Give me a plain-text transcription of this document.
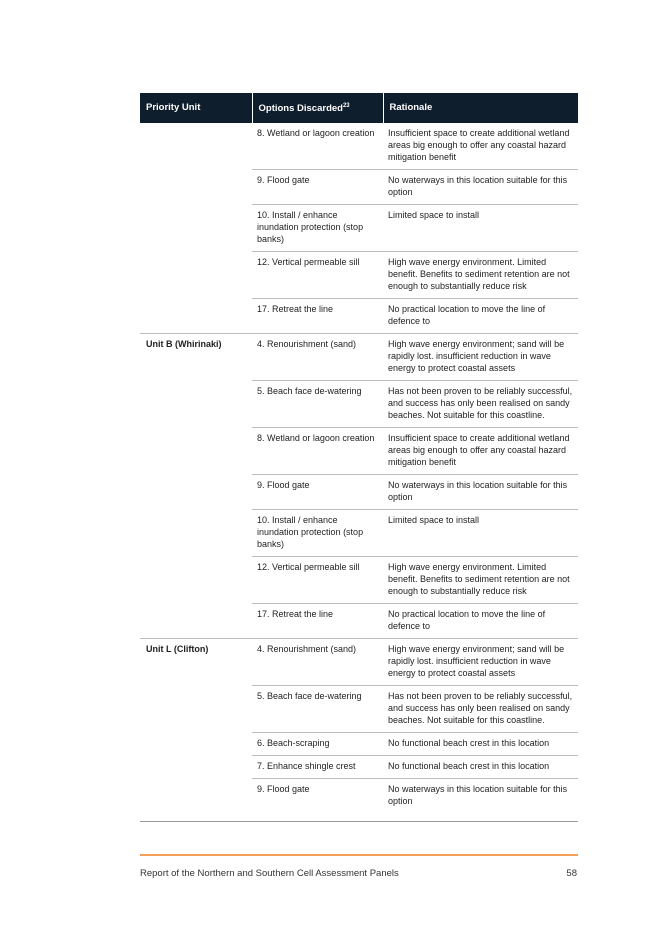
Priority Unit	Options Discarded$^{23}$	Rationale
	8. Wetland or lagoon creation	Insufficient space to create additional wetland areas big enough to offer any coastal hazard mitigation benefit
	9. Flood gate	No waterways in this location suitable for this option
	10. Install / enhance inundation protection (stop banks)	Limited space to install
	12. Vertical permeable sill	High wave energy environment. Limited benefit. Benefits to sediment retention are not enough to substantially reduce risk
	17. Retreat the line	No practical location to move the line of defence to
Unit B (Whirinaki)	4. Renourishment (sand)	High wave energy environment; sand will be rapidly lost. insufficient reduction in wave energy to protect coastal assets
	5. Beach face de-watering	Has not been proven to be reliably successful, and success has only been realised on sandy beaches. Not suitable for this coastline.
	8. Wetland or lagoon creation	Insufficient space to create additional wetland areas big enough to offer any coastal hazard mitigation benefit
	9. Flood gate	No waterways in this location suitable for this option
	10. Install / enhance inundation protection (stop banks)	Limited space to install
	12. Vertical permeable sill	High wave energy environment. Limited benefit. Benefits to sediment retention are not enough to substantially reduce risk
	17. Retreat the line	No practical location to move the line of defence to
Unit L (Clifton)	4. Renourishment (sand)	High wave energy environment; sand will be rapidly lost. insufficient reduction in wave energy to protect coastal assets
	5. Beach face de-watering	Has not been proven to be reliably successful, and success has only been realised on sandy beaches. Not suitable for this coastline.
	6. Beach-scraping	No functional beach crest in this location
	7. Enhance shingle crest	No functional beach crest in this location
	9. Flood gate	No waterways in this location suitable for this option
Report of the Northern and Southern Cell Assessment Panels	58
